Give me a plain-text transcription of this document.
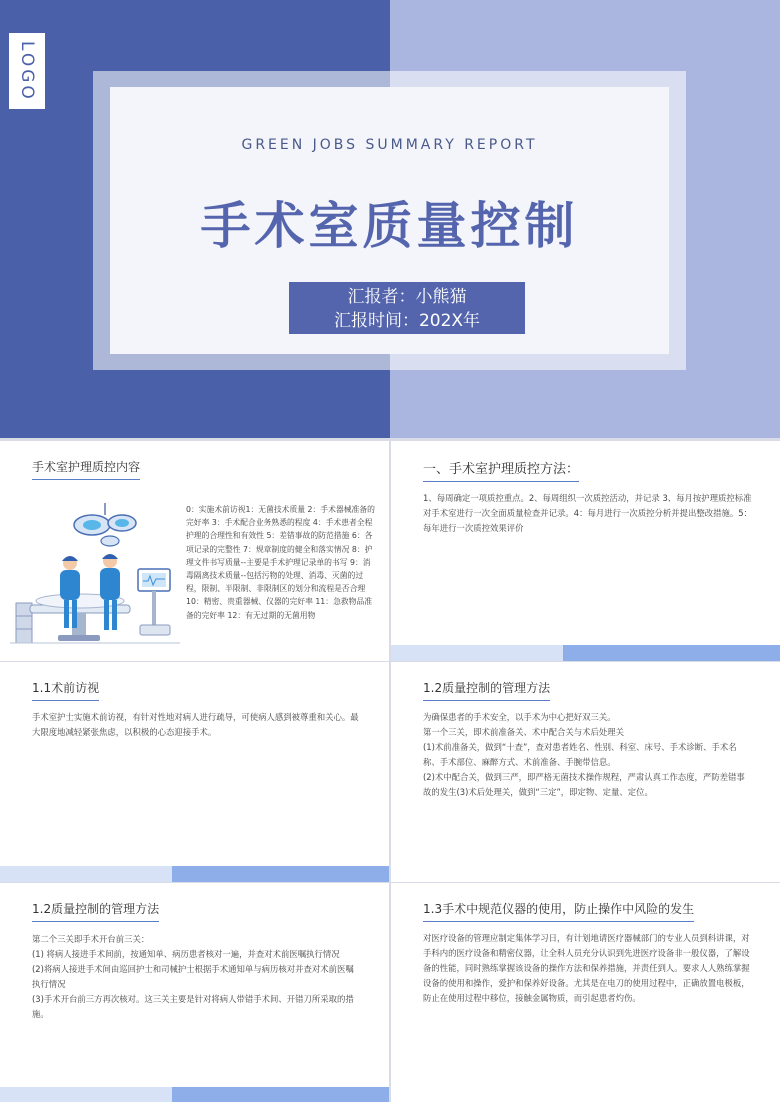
LOGO
GREEN JOBS SUMMARY REPORT
手术室质量控制
汇报者：小熊猫
汇报时间：202X年
手术室护理质控内容
0：实施术前访视1：无菌技术质量 2：手术器械准备的完好率 3：手术配合业务熟悉的程度 4：手术患者全程护理的合理性和有效性 5：差错事故的防范措施 6：各项记录的完整性 7：规章制度的健全和落实情况 8：护理文件书写质量--主要是手术护理记录单的书写 9：消毒隔离技术质量--包括污物的处理、消毒、灭菌的过程，限制、半限制、非限制区的划分和流程是否合理 10：精密、贵重器械、仪器的完好率 11：急救物品准备的完好率 12：有无过期的无菌用物
一、手术室护理质控方法：
1、每周确定一项质控重点。2、每周组织一次质控活动，并记录 3、每月按护理质控标准对手术室进行一次全面质量检查并记录。4：每月进行一次质控分析并提出整改措施。5：每年进行一次质控效果评价
1.1术前访视
手术室护士实施术前访视，有针对性地对病人进行疏导，可使病人感到被尊重和关心。最大限度地减轻紧张焦虑，以积极的心态迎接手术。
1.2质量控制的管理方法

为确保患者的手术安全，以手术为中心把好双三关。

第一个三关，即术前准备关、术中配合关与术后处理关

(1)术前准备关，做到“十查”，查对患者姓名、性别、科室、床号、手术诊断、手术名称、手术部位、麻醉方式、术前准备、手腕带信息。

(2)术中配合关，做到三严，即严格无菌技术操作规程，严肃认真工作态度，严防差错事故的发生(3)术后处理关，做到“三定”，即定物、定量、定位。

1.2质量控制的管理方法

第二个三关即手术开台前三关：

(1) 将病人接进手术间前，按通知单、病历患者核对一遍，并查对术前医嘱执行情况

(2)将病人接进手术间由巡回护士和司械护士根据手术通知单与病历核对并查对术前医嘱执行情况

(3)手术开台前三方再次核对。这三关主要是针对将病人带错手术间、开错刀所采取的措施。

1.3手术中规范仪器的使用，防止操作中风险的发生
对医疗设备的管理应制定集体学习日，有计划地请医疗器械部门的专业人员到科讲课，对手科内的医疗设备和精密仪器，让全科人员充分认识到先进医疗设备非一般仪器，了解设备的性能，同时熟练掌握该设备的操作方法和保养措施，并责任到人。要求人人熟练掌握设备的使用和操作，爱护和保养好设备。尤其是在电刀的使用过程中，正确放置电极板，防止在使用过程中移位，接触金属物质，而引起患者灼伤。
